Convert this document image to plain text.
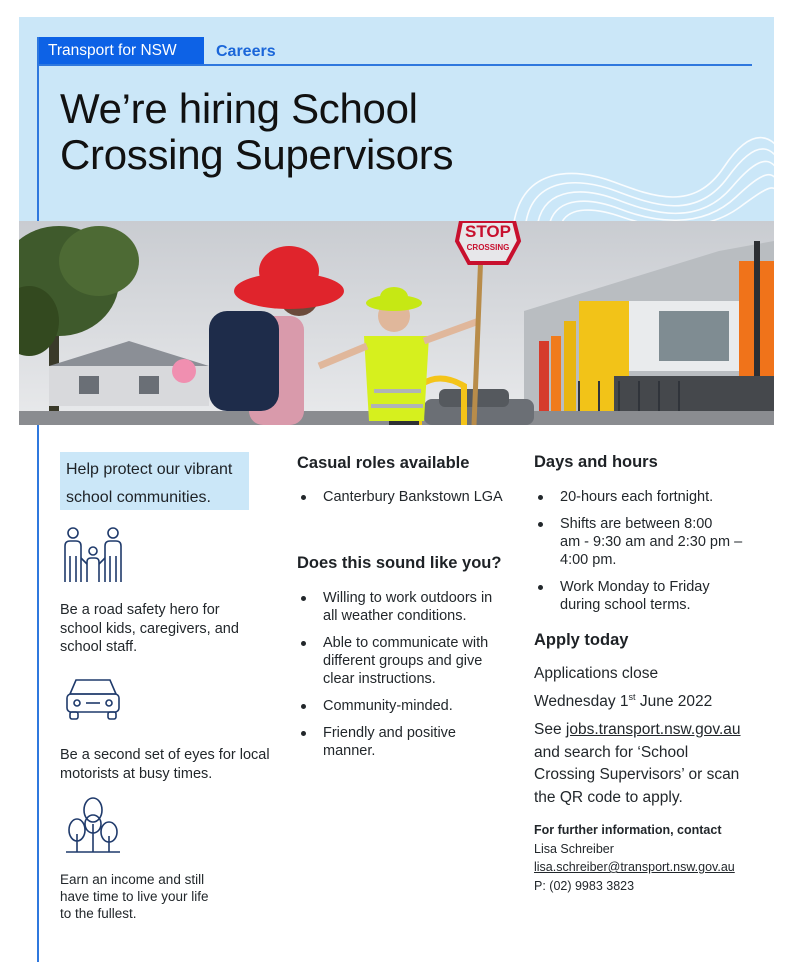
Transport for NSW	Careers
We’re hiring School
Crossing Supervisors
STOP
CROSSING
Help protect our vibrant
school communities.

Be a road safety hero for
school kids, caregivers, and
school staff.

Be a second set of eyes for local
motorists at busy times.

Earn an income and still
have time to live your life
to the fullest.

Casual roles available
Canterbury Bankstown LGA
Does this sound like you?
Willing to work outdoors in
all weather conditions.
Able to communicate with
different groups and give
clear instructions.
Community-minded.
Friendly and positive
manner.
Days and hours
20-hours each fortnight.
Shifts are between 8:00
am - 9:30 am and 2:30 pm –
4:00 pm.
Work Monday to Friday
during school terms.
Apply today

Applications close
Wednesday 1st June 2022

See jobs.transport.nsw.gov.au
and search for ‘School
Crossing Supervisors’ or scan
the QR code to apply.

For further information, contact
Lisa Schreiber
lisa.schreiber@transport.nsw.gov.au
P: (02) 9983 3823
